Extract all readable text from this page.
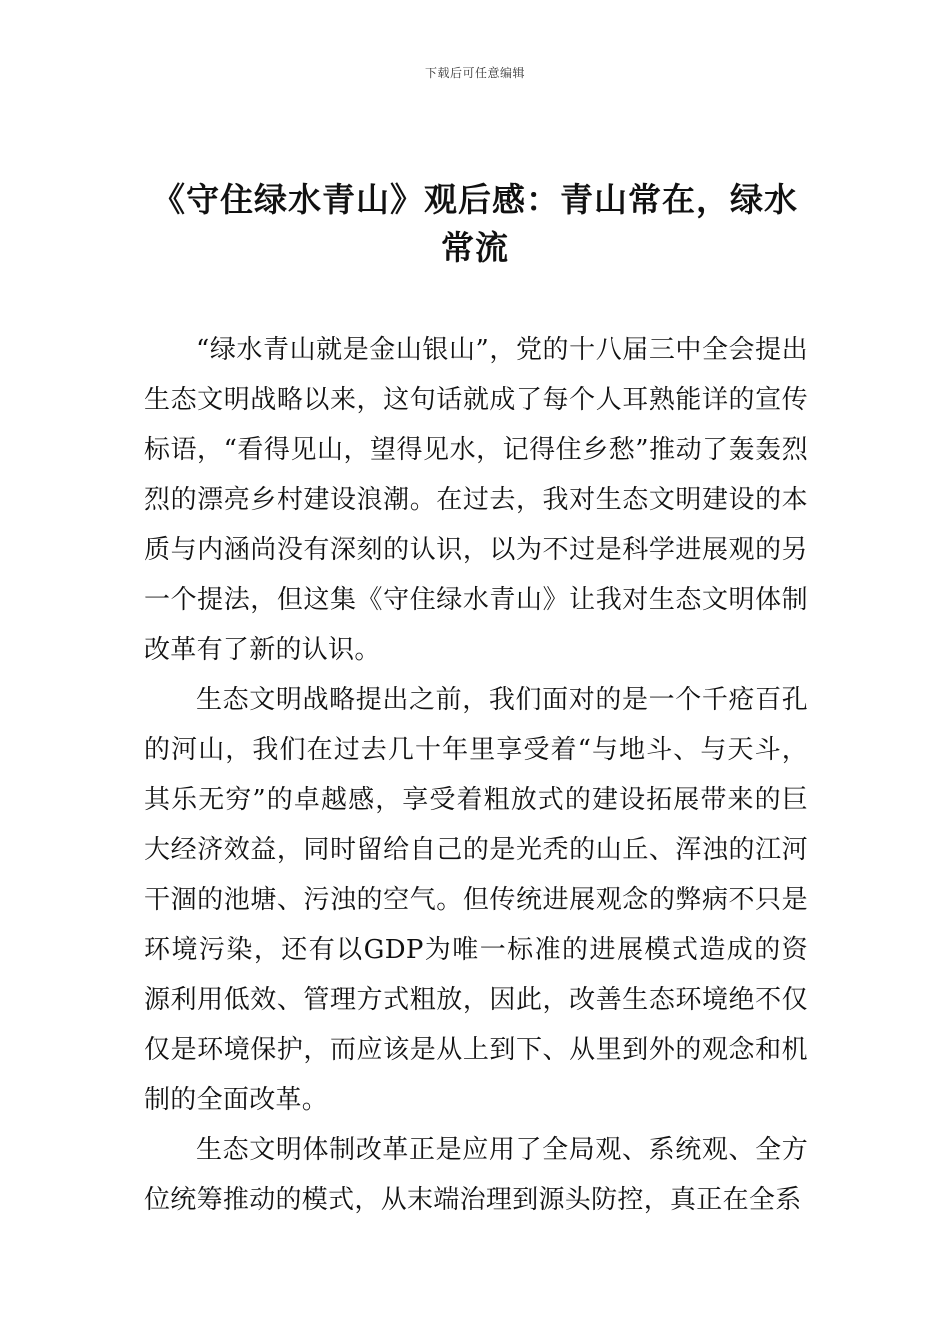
下载后可任意编辑
《守住绿水青山》观后感：青山常在，绿水常流

“绿水青山就是金山银山”，党的十八届三中全会提出生态文明战略以来，这句话就成了每个人耳熟能详的宣传标语，“看得见山，望得见水，记得住乡愁”推动了轰轰烈烈的漂亮乡村建设浪潮。在过去，我对生态文明建设的本质与内涵尚没有深刻的认识，以为不过是科学进展观的另一个提法，但这集《守住绿水青山》让我对生态文明体制改革有了新的认识。

生态文明战略提出之前，我们面对的是一个千疮百孔的河山，我们在过去几十年里享受着“与地斗、与天斗，其乐无穷”的卓越感，享受着粗放式的建设拓展带来的巨大经济效益，同时留给自己的是光秃的山丘、浑浊的江河干涸的池塘、污浊的空气。但传统进展观念的弊病不只是环境污染，还有以GDP为唯一标准的进展模式造成的资源利用低效、管理方式粗放，因此，改善生态环境绝不仅仅是环境保护，而应该是从上到下、从里到外的观念和机制的全面改革。

生态文明体制改革正是应用了全局观、系统观、全方位统筹推动的模式，从末端治理到源头防控，真正在全系
